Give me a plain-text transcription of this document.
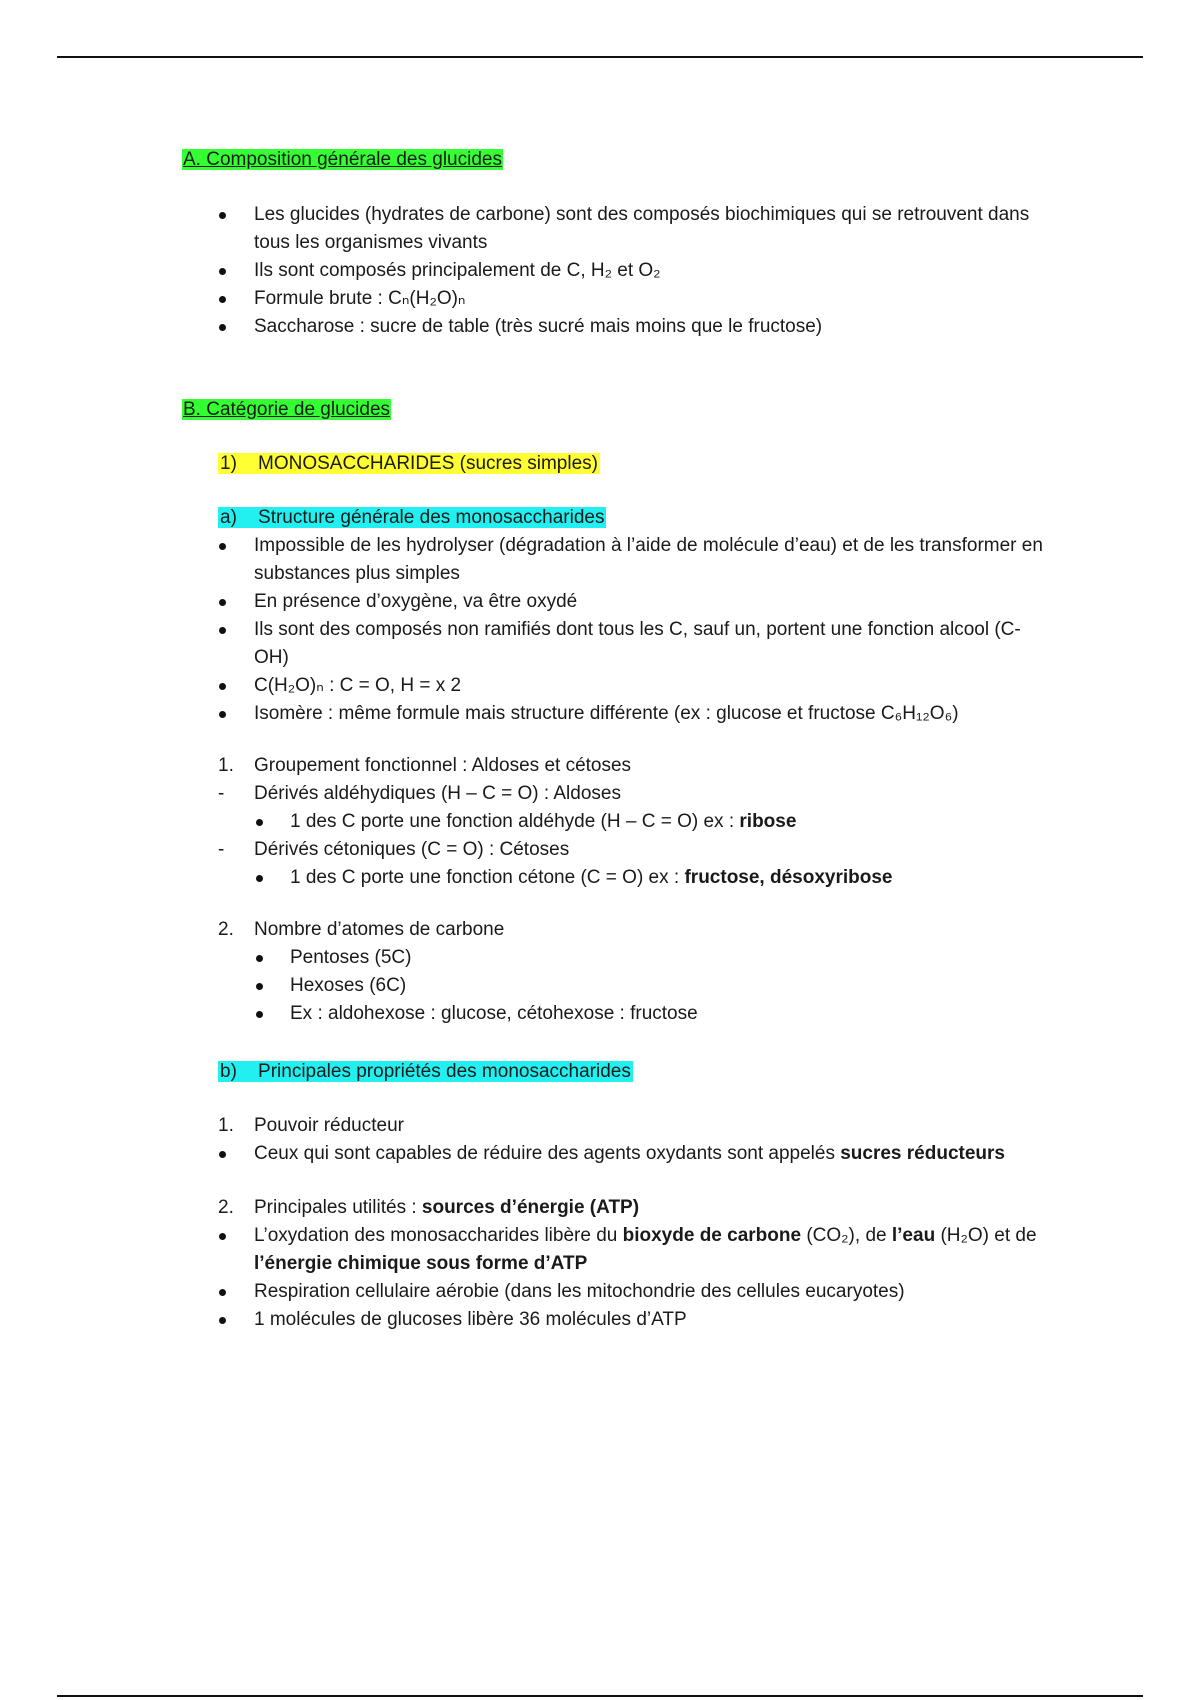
A. Composition générale des glucides
Les glucides (hydrates de carbone) sont des composés biochimiques qui se retrouvent dans tous les organismes vivants
Ils sont composés principalement de C, H₂ et O₂
Formule brute : Cₙ(H₂O)ₙ
Saccharose : sucre de table (très sucré mais moins que le fructose)
B. Catégorie de glucides
1) MONOSACCHARIDES (sucres simples)
a) Structure générale des monosaccharides
Impossible de les hydrolyser (dégradation à l’aide de molécule d’eau) et de les transformer en substances plus simples
En présence d’oxygène, va être oxydé
Ils sont des composés non ramifiés dont tous les C, sauf un, portent une fonction alcool (C-OH)
C(H₂O)ₙ : C = O, H = x 2
Isomère : même formule mais structure différente (ex : glucose et fructose C₆H₁₂O₆)
1.	Groupement fonctionnel : Aldoses et cétoses
-	Dérivés aldéhydiques (H – C = O) : Aldoses
1 des C porte une fonction aldéhyde (H – C = O) ex : ribose
-	Dérivés cétoniques (C = O) : Cétoses
1 des C porte une fonction cétone (C = O) ex : fructose, désoxyribose
2.	Nombre d’atomes de carbone
Pentoses (5C)
Hexoses (6C)
Ex : aldohexose : glucose, cétohexose : fructose
b) Principales propriétés des monosaccharides
1.	Pouvoir réducteur
Ceux qui sont capables de réduire des agents oxydants sont appelés sucres réducteurs
2.	Principales utilités : sources d’énergie (ATP)
L’oxydation des monosaccharides libère du bioxyde de carbone (CO₂), de l’eau (H₂O) et de l’énergie chimique sous forme d’ATP
Respiration cellulaire aérobie (dans les mitochondrie des cellules eucaryotes)
1 molécules de glucoses libère 36 molécules d’ATP
